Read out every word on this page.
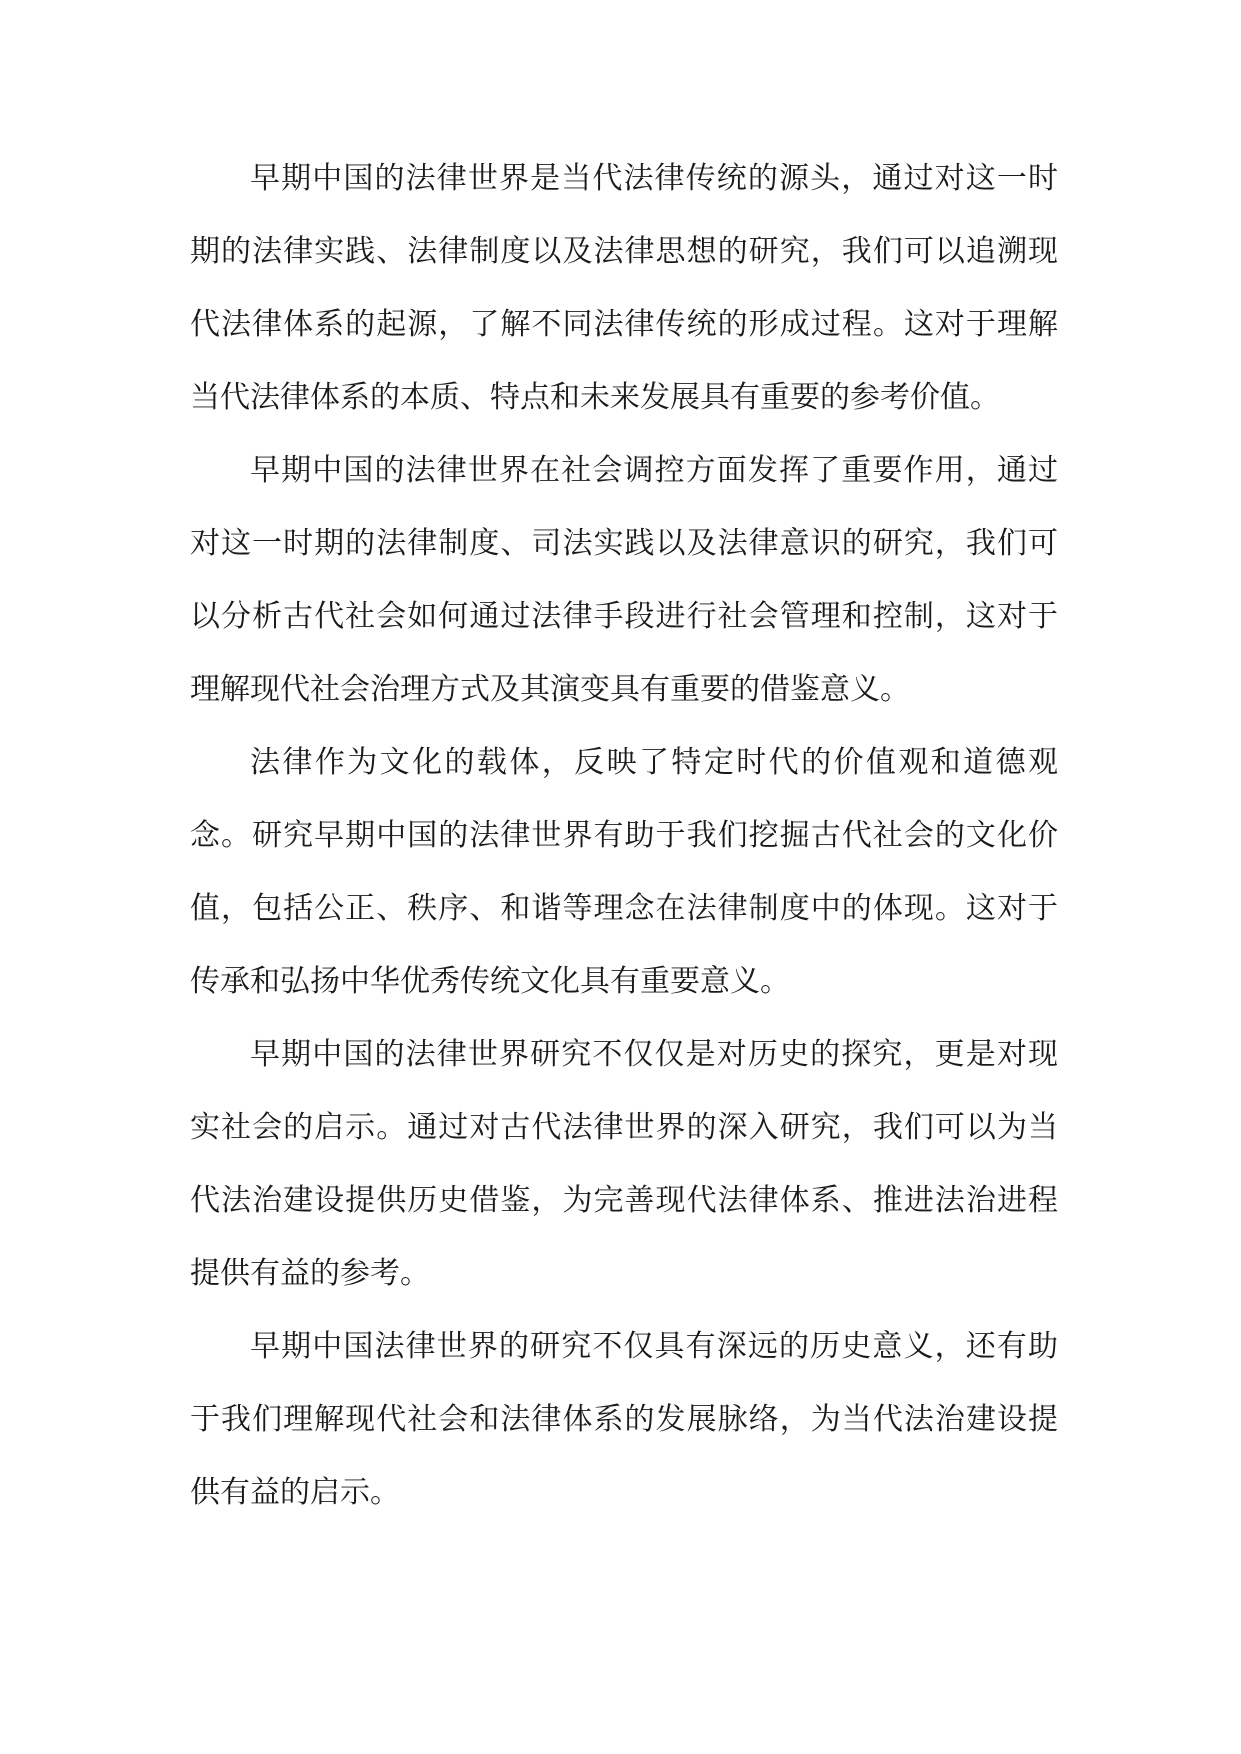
早期中国的法律世界是当代法律传统的源头，通过对这一时期的法律实践、法律制度以及法律思想的研究，我们可以追溯现代法律体系的起源，了解不同法律传统的形成过程。这对于理解当代法律体系的本质、特点和未来发展具有重要的参考价值。

早期中国的法律世界在社会调控方面发挥了重要作用，通过对这一时期的法律制度、司法实践以及法律意识的研究，我们可以分析古代社会如何通过法律手段进行社会管理和控制，这对于理解现代社会治理方式及其演变具有重要的借鉴意义。

法律作为文化的载体，反映了特定时代的价值观和道德观念。研究早期中国的法律世界有助于我们挖掘古代社会的文化价值，包括公正、秩序、和谐等理念在法律制度中的体现。这对于传承和弘扬中华优秀传统文化具有重要意义。

早期中国的法律世界研究不仅仅是对历史的探究，更是对现实社会的启示。通过对古代法律世界的深入研究，我们可以为当代法治建设提供历史借鉴，为完善现代法律体系、推进法治进程提供有益的参考。

早期中国法律世界的研究不仅具有深远的历史意义，还有助于我们理解现代社会和法律体系的发展脉络，为当代法治建设提供有益的启示。
